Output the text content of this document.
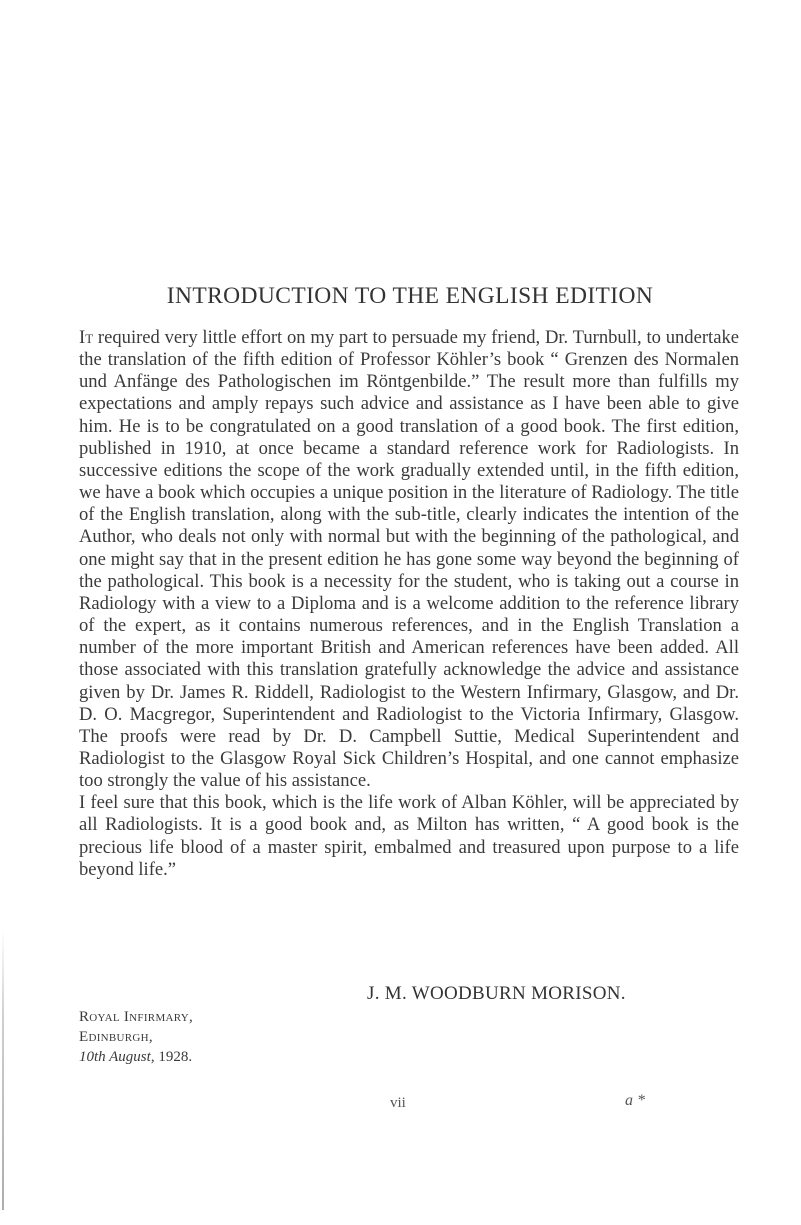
INTRODUCTION TO THE ENGLISH EDITION

It required very little effort on my part to persuade my friend, Dr. Turnbull, to undertake the translation of the fifth edition of Professor Köhler’s book “ Grenzen des Normalen und Anfänge des Pathologischen im Röntgenbilde.” The result more than fulfills my expectations and amply repays such advice and assistance as I have been able to give him. He is to be congratulated on a good translation of a good book. The first edition, published in 1910, at once became a standard reference work for Radiologists. In successive editions the scope of the work gradually extended until, in the fifth edition, we have a book which occupies a unique position in the literature of Radiology. The title of the English translation, along with the sub-title, clearly indicates the intention of the Author, who deals not only with normal but with the beginning of the pathological, and one might say that in the present edition he has gone some way beyond the beginning of the pathological. This book is a necessity for the student, who is taking out a course in Radiology with a view to a Diploma and is a welcome addition to the reference library of the expert, as it contains numerous references, and in the English Translation a number of the more important British and American references have been added. All those associated with this translation gratefully acknowledge the advice and assistance given by Dr. James R. Riddell, Radiologist to the Western Infirmary, Glasgow, and Dr. D. O. Macgregor, Superintendent and Radiologist to the Victoria Infirmary, Glasgow. The proofs were read by Dr. D. Campbell Suttie, Medical Superintendent and Radiologist to the Glasgow Royal Sick Children’s Hospital, and one cannot emphasize too strongly the value of his assistance.

I feel sure that this book, which is the life work of Alban Köhler, will be appreciated by all Radiologists. It is a good book and, as Milton has written, “ A good book is the precious life blood of a master spirit, embalmed and treasured upon purpose to a life beyond life.”

J. M. WOODBURN MORISON.
Royal Infirmary,
Edinburgh,
10th August, 1928.
vii	a *
